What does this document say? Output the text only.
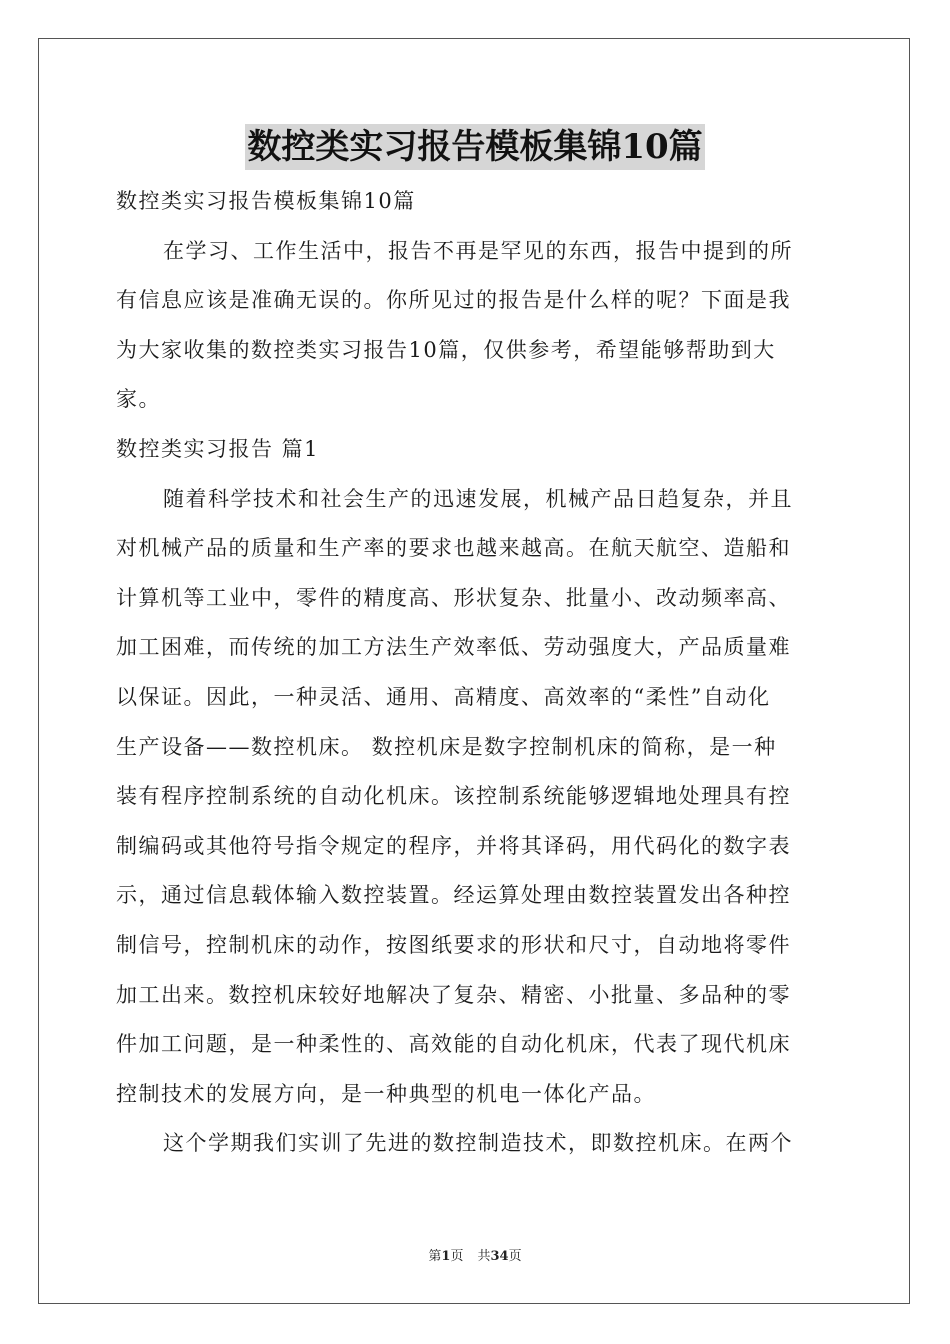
数控类实习报告模板集锦10篇
数控类实习报告模板集锦10篇
在学习、工作生活中，报告不再是罕见的东西，报告中提到的所
有信息应该是准确无误的。你所见过的报告是什么样的呢？下面是我
为大家收集的数控类实习报告10篇，仅供参考，希望能够帮助到大
家。
数控类实习报告 篇1
随着科学技术和社会生产的迅速发展，机械产品日趋复杂，并且
对机械产品的质量和生产率的要求也越来越高。在航天航空、造船和
计算机等工业中，零件的精度高、形状复杂、批量小、改动频率高、
加工困难，而传统的加工方法生产效率低、劳动强度大，产品质量难
以保证。因此，一种灵活、通用、高精度、高效率的“柔性”自动化
生产设备——数控机床。 数控机床是数字控制机床的简称，是一种
装有程序控制系统的自动化机床。该控制系统能够逻辑地处理具有控
制编码或其他符号指令规定的程序，并将其译码，用代码化的数字表
示，通过信息载体输入数控装置。经运算处理由数控装置发出各种控
制信号，控制机床的动作，按图纸要求的形状和尺寸，自动地将零件
加工出来。数控机床较好地解决了复杂、精密、小批量、多品种的零
件加工问题，是一种柔性的、高效能的自动化机床，代表了现代机床
控制技术的发展方向，是一种典型的机电一体化产品。
这个学期我们实训了先进的数控制造技术，即数控机床。在两个
第1页 共34页
